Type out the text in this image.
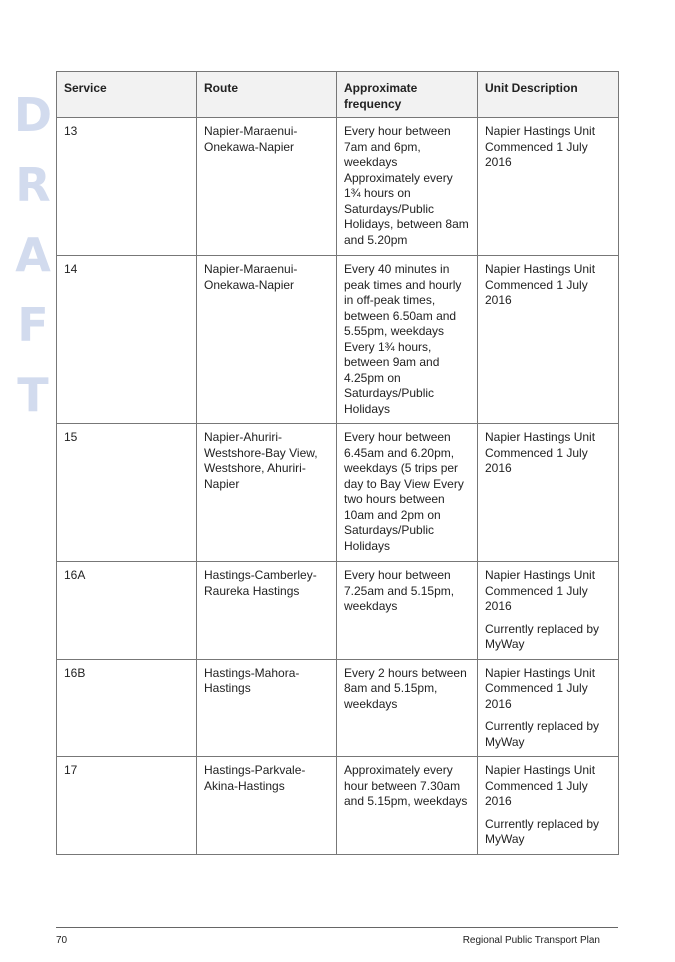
D
R
A
F
T
Service	Route	Approximate frequency	Unit Description
13	Napier-Maraenui-Onekawa-Napier	Every hour between 7am and 6pm, weekdays Approximately every 1¾ hours on Saturdays/Public Holidays, between 8am and 5.20pm	Napier Hastings Unit Commenced 1 July 2016

14	Napier-Maraenui-Onekawa-Napier	Every 40 minutes in peak times and hourly in off-peak times, between 6.50am and 5.55pm, weekdays Every 1¾ hours, between 9am and 4.25pm on Saturdays/Public Holidays	Napier Hastings Unit Commenced 1 July 2016

15	Napier-Ahuriri-Westshore-Bay View, Westshore, Ahuriri-Napier	Every hour between 6.45am and 6.20pm, weekdays (5 trips per day to Bay View Every two hours between 10am and 2pm on Saturdays/Public Holidays	Napier Hastings Unit Commenced 1 July 2016

16A	Hastings-Camberley-Raureka Hastings	Every hour between 7.25am and 5.15pm, weekdays	Napier Hastings Unit Commenced 1 July 2016

Currently replaced by MyWay

16B	Hastings-Mahora-Hastings	Every 2 hours between 8am and 5.15pm, weekdays	Napier Hastings Unit Commenced 1 July 2016

Currently replaced by MyWay

17	Hastings-Parkvale-Akina-Hastings	Approximately every hour between 7.30am and 5.15pm, weekdays	Napier Hastings Unit Commenced 1 July 2016

Currently replaced by MyWay

70	Regional Public Transport Plan
